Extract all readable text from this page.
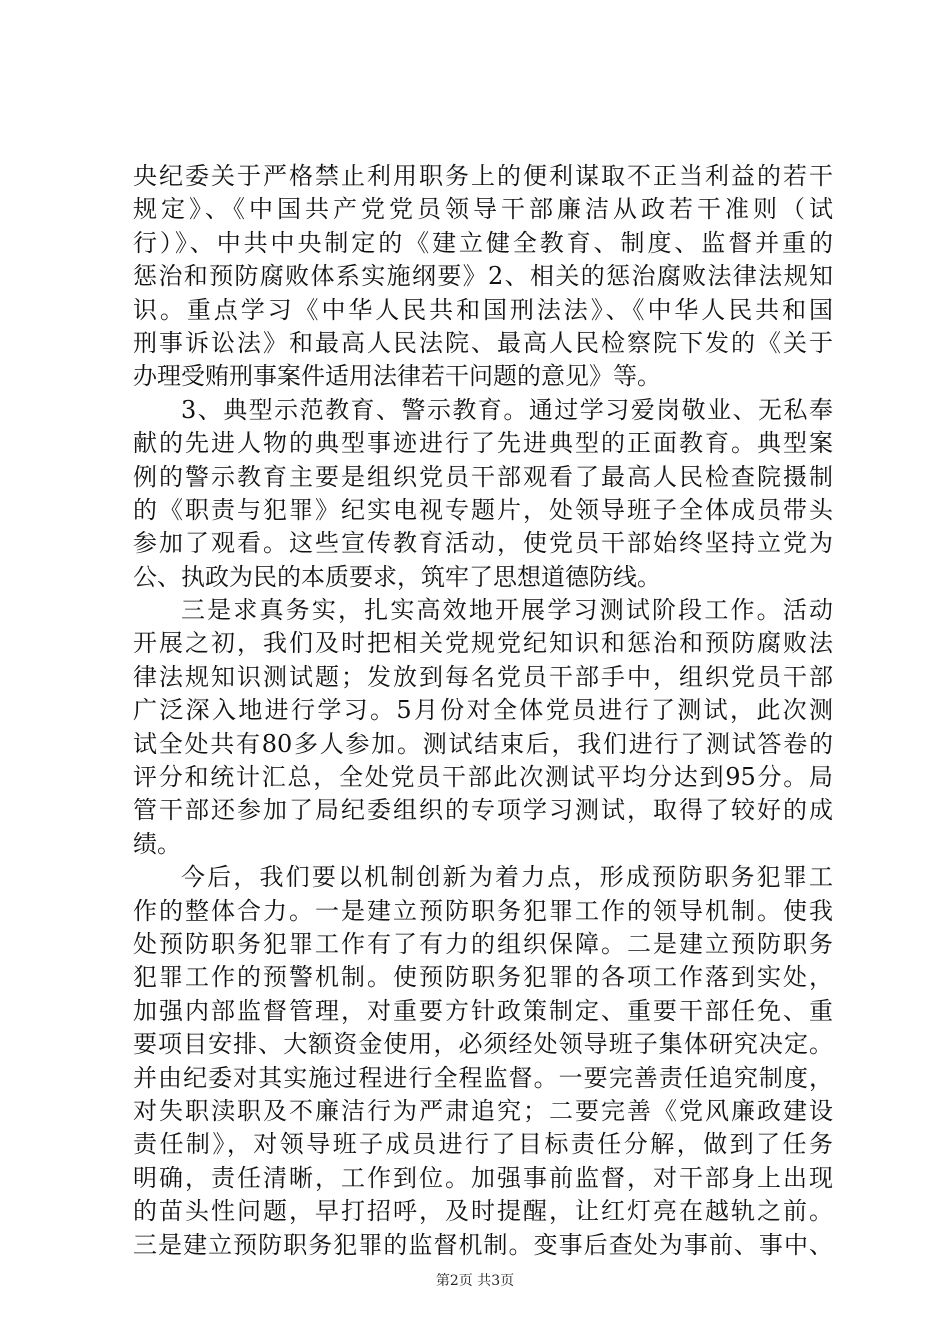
央纪委关于严格禁止利用职务上的便利谋取不正当利益的若干
规定》、《中国共产党党员领导干部廉洁从政若干准则（试
行）》、中共中央制定的《建立健全教育、制度、监督并重的
惩治和预防腐败体系实施纲要》2、相关的惩治腐败法律法规知
识。重点学习《中华人民共和国刑法法》、《中华人民共和国
刑事诉讼法》和最高人民法院、最高人民检察院下发的《关于
办理受贿刑事案件适用法律若干问题的意见》等。
3、典型示范教育、警示教育。通过学习爱岗敬业、无私奉
献的先进人物的典型事迹进行了先进典型的正面教育。典型案
例的警示教育主要是组织党员干部观看了最高人民检查院摄制
的《职责与犯罪》纪实电视专题片，处领导班子全体成员带头
参加了观看。这些宣传教育活动，使党员干部始终坚持立党为
公、执政为民的本质要求，筑牢了思想道德防线。
三是求真务实，扎实高效地开展学习测试阶段工作。活动
开展之初，我们及时把相关党规党纪知识和惩治和预防腐败法
律法规知识测试题；发放到每名党员干部手中，组织党员干部
广泛深入地进行学习。5月份对全体党员进行了测试，此次测
试全处共有80多人参加。测试结束后，我们进行了测试答卷的
评分和统计汇总，全处党员干部此次测试平均分达到95分。局
管干部还参加了局纪委组织的专项学习测试，取得了较好的成
绩。
今后，我们要以机制创新为着力点，形成预防职务犯罪工
作的整体合力。一是建立预防职务犯罪工作的领导机制。使我
处预防职务犯罪工作有了有力的组织保障。二是建立预防职务
犯罪工作的预警机制。使预防职务犯罪的各项工作落到实处，
加强内部监督管理，对重要方针政策制定、重要干部任免、重
要项目安排、大额资金使用，必须经处领导班子集体研究决定。
并由纪委对其实施过程进行全程监督。一要完善责任追究制度，
对失职渎职及不廉洁行为严肃追究；二要完善《党风廉政建设
责任制》，对领导班子成员进行了目标责任分解，做到了任务
明确，责任清晰，工作到位。加强事前监督，对干部身上出现
的苗头性问题，早打招呼，及时提醒，让红灯亮在越轨之前。
三是建立预防职务犯罪的监督机制。变事后查处为事前、事中、
第2页 共3页
